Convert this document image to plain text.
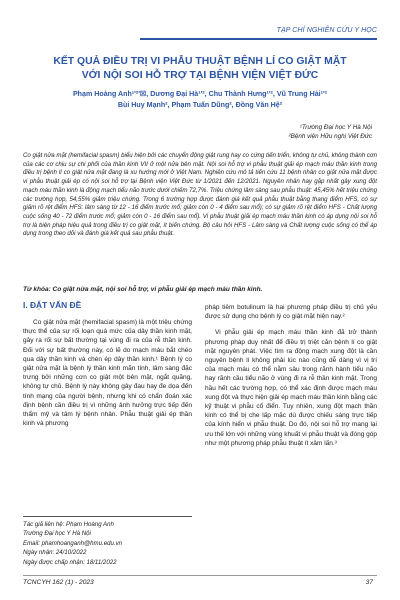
TẠP CHÍ NGHIÊN CỨU Y HỌC
KẾT QUẢ ĐIỀU TRỊ VI PHẪU THUẬT BỆNH LÍ CO GIẬT MẶT
VỚI NỘI SOI HỖ TRỢ TẠI BỆNH VIỆN VIỆT ĐỨC
Phạm Hoàng Anh¹'²'☒, Dương Đại Hà¹'², Chu Thành Hưng¹'², Vũ Trung Hải¹'²
Bùi Huy Mạnh², Phạm Tuấn Dũng², Đồng Văn Hệ²
¹Trường Đại học Y Hà Nội
²Bệnh viện Hữu nghị Việt Đức
Co giật nửa mặt (hemifacial spasm) biểu hiện bởi các chuyển động giật rung hay co cứng tiến triển, không tự chủ, không thành cơn của các cơ chịu sự chi phối của thần kinh VII ở một nửa bên mặt. Nội soi hỗ trợ vi phẫu thuật giải ép mạch máu thần kinh trong điều trị bệnh lí co giật nửa mặt đang là xu hướng mới ở Việt Nam. Nghiên cứu mô tả tiến cứu 11 bệnh nhân co giật nửa mặt được vi phẫu thuật giải ép có nội soi hỗ trợ tại Bệnh viện Việt Đức từ 1/2021 đến 12/2021. Nguyên nhân hay gặp nhất gây xung đột mạch máu thần kinh là động mạch tiểu não trước dưới chiếm 72,7%. Triệu chứng lâm sàng sau phẫu thuật: 45,45% hết triệu chứng các trường hợp, 54,55% giảm triệu chứng. Trong 6 trường hợp được đánh giá kết quả phẫu thuật bằng thang điểm HFS, có sự giảm rõ rệt điểm HFS: lâm sàng từ 12 - 16 điểm trước mổ; giảm còn 0 - 4 điểm sau mổ); có sự giảm rõ rệt điểm HFS - Chất lượng cuộc sống 40 - 72 điểm trước mổ; giảm còn 0 - 16 điểm sau mổ). Vi phẫu thuật giải ép mạch máu thần kinh có áp dụng nội soi hỗ trợ là biện pháp hiệu quả trong điều trị co giật mặt, ít biến chứng. Bộ câu hỏi HFS - Lâm sàng và Chất lượng cuộc sống có thể áp dụng trong theo dõi và đánh giá kết quả sau phẫu thuật.
Từ khóa: Co giật nửa mặt, nội soi hỗ trợ, vi phẫu giải ép mạch máu thần kinh.
I. ĐẶT VẤN ĐỀ

Co giật nửa mặt (hemifacial spasm) là một triệu chứng thực thể của sự rối loạn quá mức của dây thần kinh mặt, gây ra rối sự bất thường tại vùng đi ra của rễ thần kinh. Đối với sự bất thường này, có lẽ do mạch máu bắt chéo qua dây thần kinh và chèn ép dây thần kinh.¹ Bệnh lý co giật nửa mặt là bệnh lý thần kinh mãn tính, lâm sàng đặc trưng bởi những cơn co giật một bên mặt, ngắt quãng, không tự chủ. Bệnh lý này không gây đau hay đe dọa đến tính mạng của người bệnh, nhưng khi có chẩn đoán xác định bệnh cần điều trị vì những ảnh hưởng trực tiếp đến thẩm mỹ và tâm lý bệnh nhân. Phẫu thuật giải ép thần kinh và phương

Tác giả liên hệ: Phạm Hoàng Anh
Trường Đại học Y Hà Nội
Email: phamhoanganh@hmu.edu.vn
Ngày nhận: 24/10/2022
Ngày được chấp nhận: 18/11/2022

pháp tiêm botulinum là hai phương pháp điều trị chủ yếu được sử dụng cho bệnh lý co giật mặt hiện nay.²

Vi phẫu giải ép mạch máu thần kinh đã trở thành phương pháp duy nhất để điều trị triệt căn bệnh lí co giật mặt nguyên phát. Việc tìm ra động mạch xung đột là cần nguyên bệnh lí không phải lúc nào cũng dễ dàng vì vị trí của mạch máu có thể nằm sâu trong rãnh hành tiểu não hay rãnh cầu tiểu não ở vùng đi ra rễ thần kinh mặt. Trong hầu hết các trường hợp, có thể xác định được mạch máu xung đột và thực hiện giải ép mạch máu thần kinh bằng các kỹ thuật vi phẫu cổ điển. Tuy nhiên, xung đột mạch thần kinh có thể bị che lấp mặc dù được chiếu sáng trực tiếp của kính hiển vi phẫu thuật. Do đó, nội soi hỗ trợ mang lại ưu thế lớn với những vùng khuất vi phẫu thuật và đóng góp như một phương pháp phẫu thuật ít xâm lấn.³

TCNCYH 162 (1) - 2023	37
